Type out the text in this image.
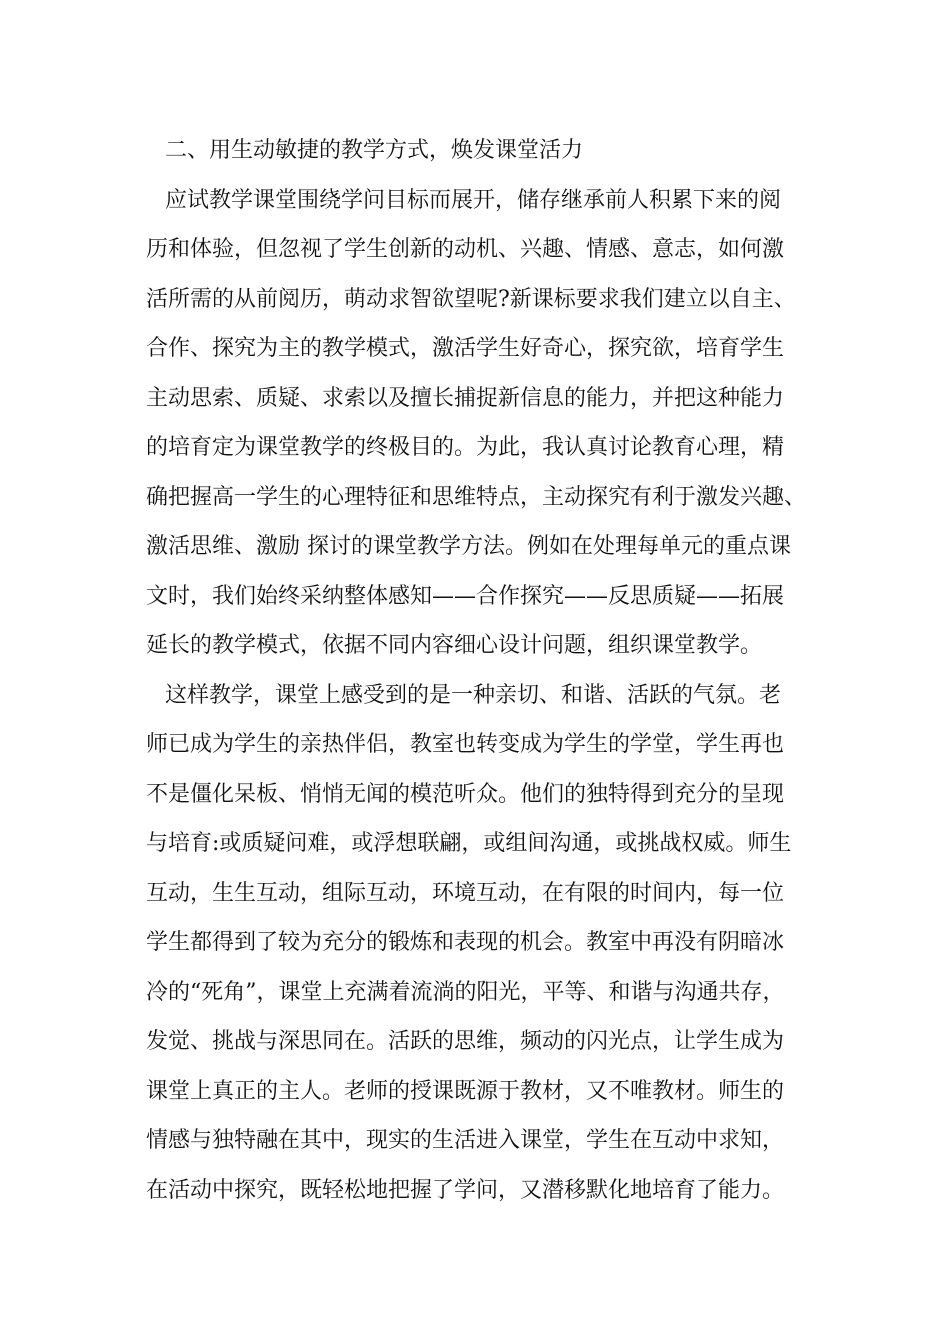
二、用生动敏捷的教学方式，焕发课堂活力
应试教学课堂围绕学问目标而展开，储存继承前人积累下来的阅
历和体验，但忽视了学生创新的动机、兴趣、情感、意志，如何激
活所需的从前阅历，萌动求智欲望呢?新课标要求我们建立以自主、
合作、探究为主的教学模式，激活学生好奇心，探究欲，培育学生
主动思索、质疑、求索以及擅长捕捉新信息的能力，并把这种能力
的培育定为课堂教学的终极目的。为此，我认真讨论教育心理，精
确把握高一学生的心理特征和思维特点，主动探究有利于激发兴趣、
激活思维、激励 探讨的课堂教学方法。例如在处理每单元的重点课
文时，我们始终采纳整体感知——合作探究——反思质疑——拓展
延长的教学模式，依据不同内容细心设计问题，组织课堂教学。
这样教学，课堂上感受到的是一种亲切、和谐、活跃的气氛。老
师已成为学生的亲热伴侣，教室也转变成为学生的学堂，学生再也
不是僵化呆板、悄悄无闻的模范听众。他们的独特得到充分的呈现
与培育:或质疑问难，或浮想联翩，或组间沟通，或挑战权威。师生
互动，生生互动，组际互动，环境互动，在有限的时间内，每一位
学生都得到了较为充分的锻炼和表现的机会。教室中再没有阴暗冰
冷的“死角”，课堂上充满着流淌的阳光，平等、和谐与沟通共存，
发觉、挑战与深思同在。活跃的思维，频动的闪光点，让学生成为
课堂上真正的主人。老师的授课既源于教材，又不唯教材。师生的
情感与独特融在其中，现实的生活进入课堂，学生在互动中求知，
在活动中探究，既轻松地把握了学问，又潜移默化地培育了能力。
